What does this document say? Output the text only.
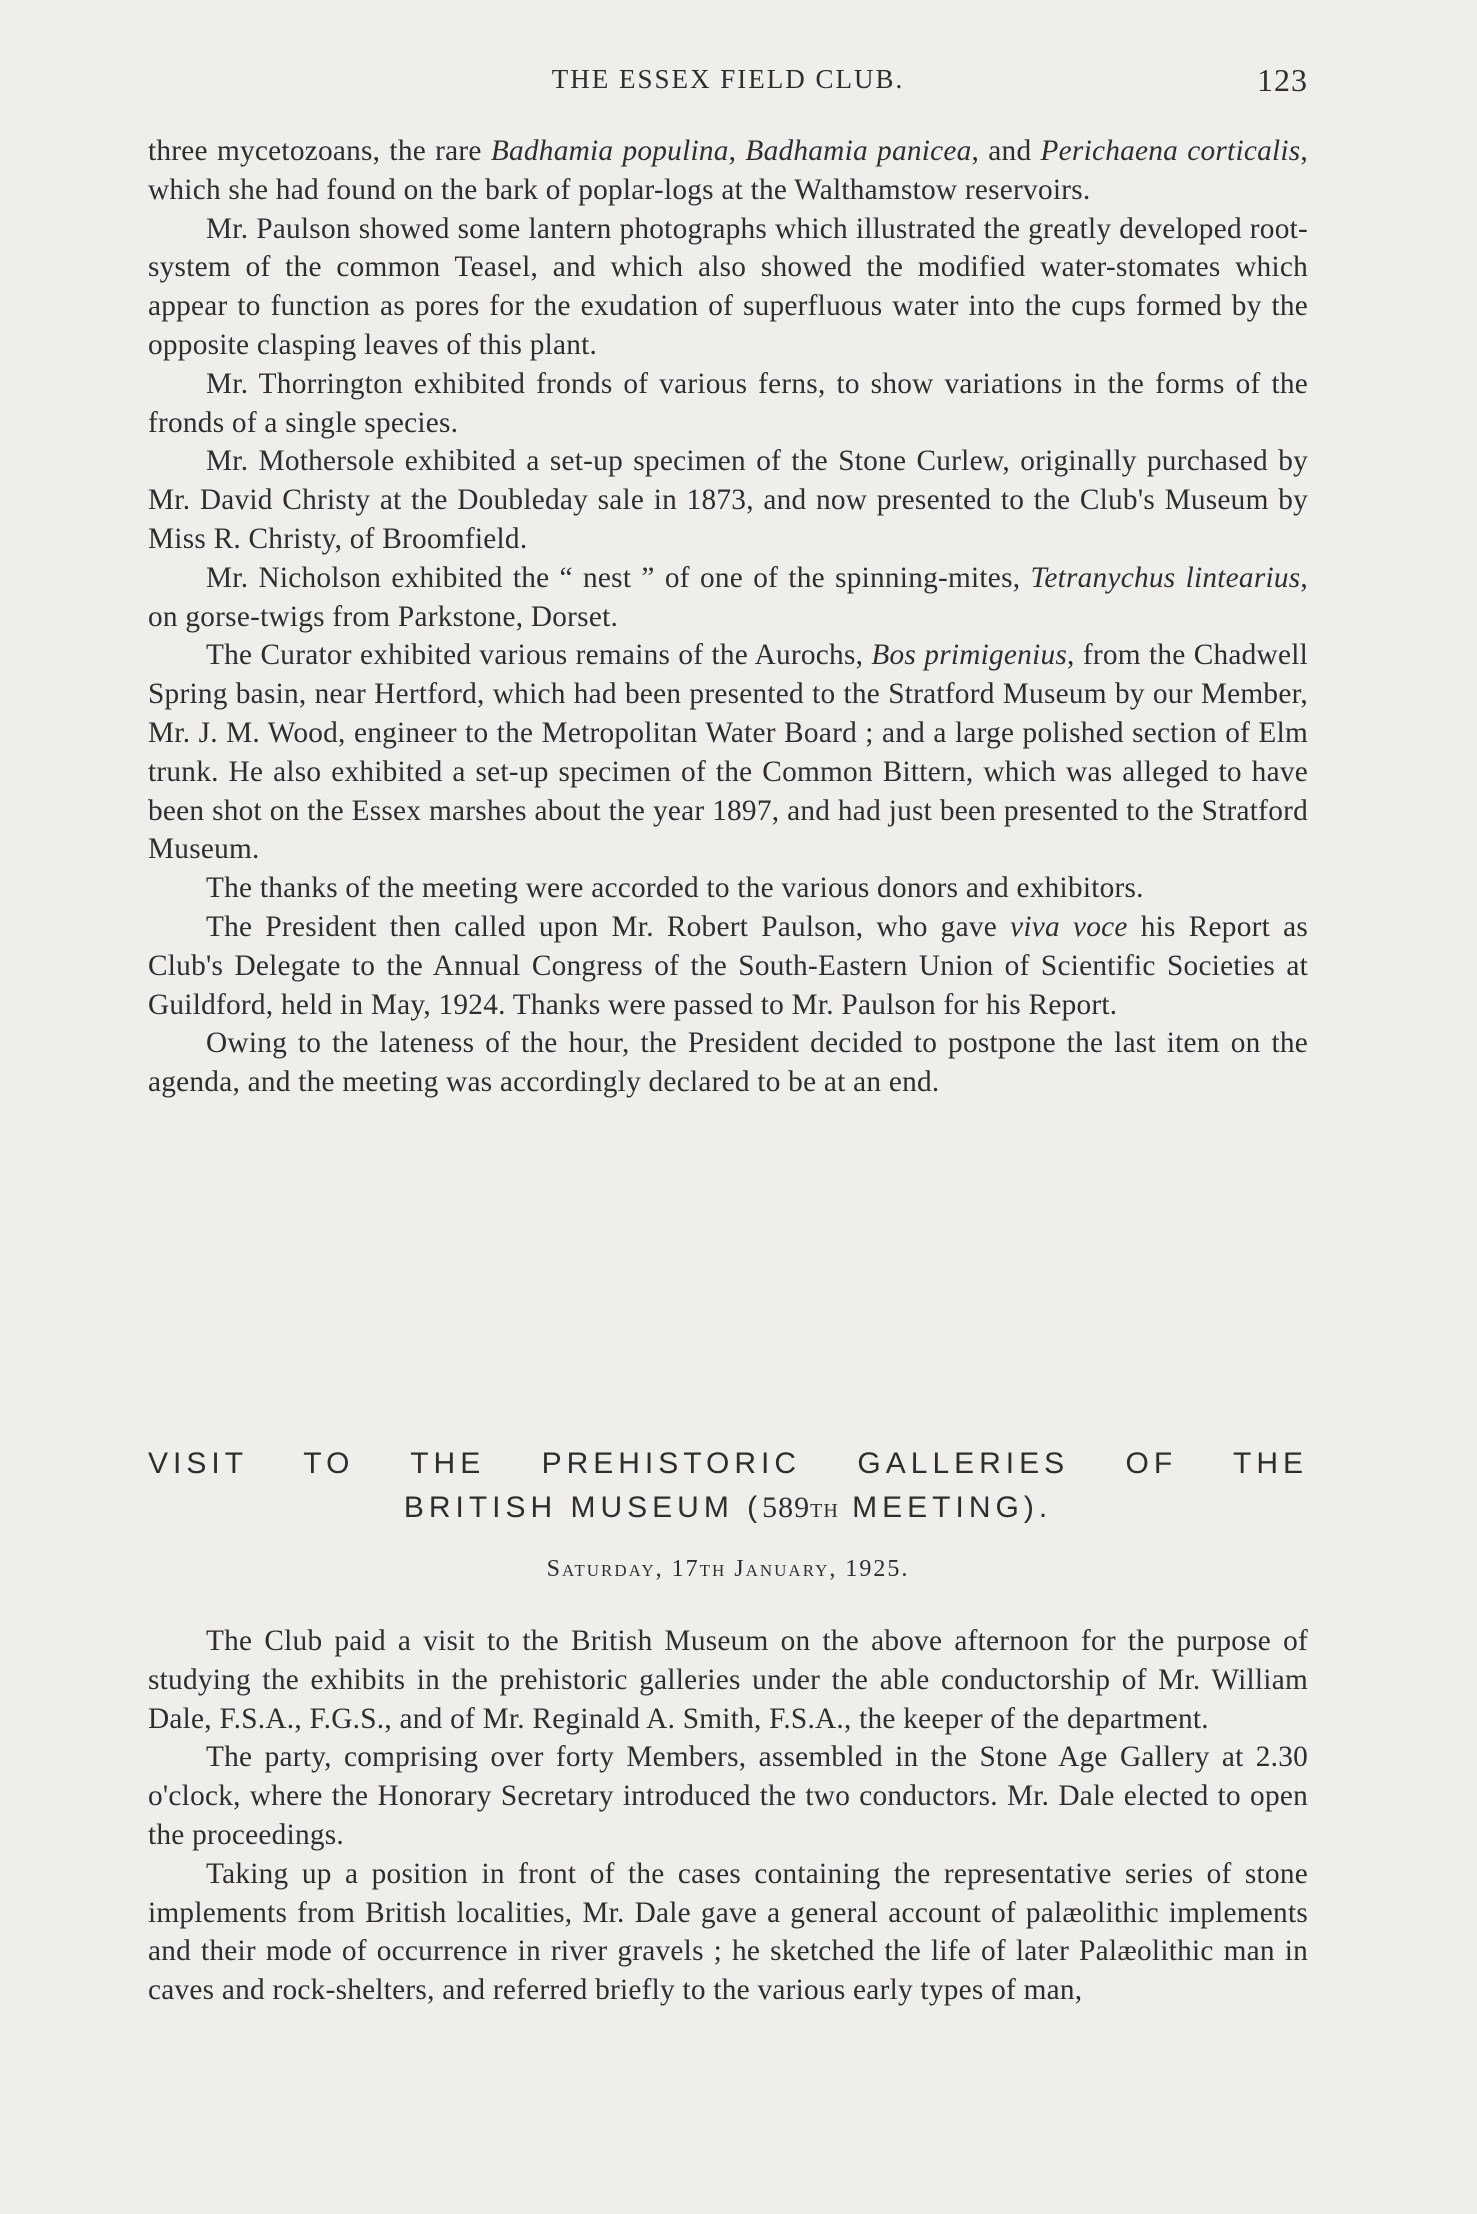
THE ESSEX FIELD CLUB.	123

three mycetozoans, the rare Badhamia populina, Badhamia panicea, and Perichaena corticalis, which she had found on the bark of poplar-logs at the Walthamstow reservoirs.

Mr. Paulson showed some lantern photographs which illustrated the greatly developed root-system of the common Teasel, and which also showed the modified water-stomates which appear to function as pores for the exudation of superfluous water into the cups formed by the opposite clasping leaves of this plant.

Mr. Thorrington exhibited fronds of various ferns, to show variations in the forms of the fronds of a single species.

Mr. Mothersole exhibited a set-up specimen of the Stone Curlew, originally purchased by Mr. David Christy at the Doubleday sale in 1873, and now presented to the Club's Museum by Miss R. Christy, of Broomfield.

Mr. Nicholson exhibited the “ nest ” of one of the spinning-mites, Tetranychus lintearius, on gorse-twigs from Parkstone, Dorset.

The Curator exhibited various remains of the Aurochs, Bos primigenius, from the Chadwell Spring basin, near Hertford, which had been presented to the Stratford Museum by our Member, Mr. J. M. Wood, engineer to the Metropolitan Water Board ; and a large polished section of Elm trunk. He also exhibited a set-up specimen of the Common Bittern, which was alleged to have been shot on the Essex marshes about the year 1897, and had just been presented to the Stratford Museum.

The thanks of the meeting were accorded to the various donors and exhibitors.

The President then called upon Mr. Robert Paulson, who gave viva voce his Report as Club's Delegate to the Annual Congress of the South-Eastern Union of Scientific Societies at Guildford, held in May, 1924. Thanks were passed to Mr. Paulson for his Report.

Owing to the lateness of the hour, the President decided to postpone the last item on the agenda, and the meeting was accordingly declared to be at an end.

VISIT TO THE PREHISTORIC GALLERIES OF THE
BRITISH MUSEUM (589TH MEETING).
Saturday, 17th January, 1925.

The Club paid a visit to the British Museum on the above afternoon for the purpose of studying the exhibits in the prehistoric galleries under the able conductorship of Mr. William Dale, F.S.A., F.G.S., and of Mr. Reginald A. Smith, F.S.A., the keeper of the department.

The party, comprising over forty Members, assembled in the Stone Age Gallery at 2.30 o'clock, where the Honorary Secretary introduced the two conductors. Mr. Dale elected to open the proceedings.

Taking up a position in front of the cases containing the representative series of stone implements from British localities, Mr. Dale gave a general account of palæolithic implements and their mode of occurrence in river gravels ; he sketched the life of later Palæolithic man in caves and rock-shelters, and referred briefly to the various early types of man,
